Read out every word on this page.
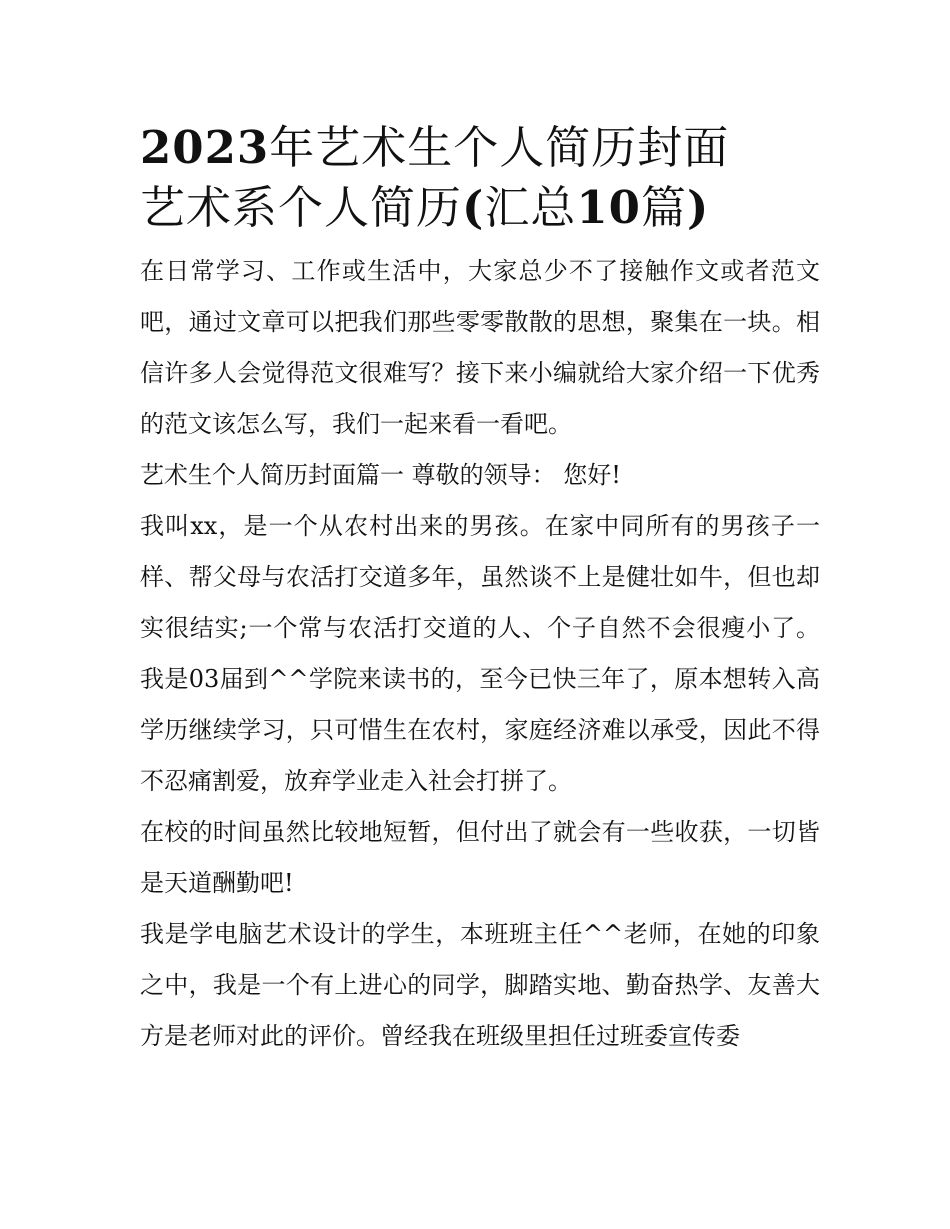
2023年艺术生个人简历封面
艺术系个人简历(汇总10篇)

在日常学习、工作或生活中，大家总少不了接触作文或者范文吧，通过文章可以把我们那些零零散散的思想，聚集在一块。相信许多人会觉得范文很难写？接下来小编就给大家介绍一下优秀的范文该怎么写，我们一起来看一看吧。

艺术生个人简历封面篇一 尊敬的领导： 您好!

我叫xx，是一个从农村出来的男孩。在家中同所有的男孩子一样、帮父母与农活打交道多年，虽然谈不上是健壮如牛，但也却实很结实;一个常与农活打交道的人、个子自然不会很瘦小了。我是03届到^^学院来读书的，至今已快三年了，原本想转入高学历继续学习，只可惜生在农村，家庭经济难以承受，因此不得不忍痛割爱，放弃学业走入社会打拼了。

在校的时间虽然比较地短暂，但付出了就会有一些收获，一切皆是天道酬勤吧!

我是学电脑艺术设计的学生，本班班主任^^老师，在她的印象之中，我是一个有上进心的同学，脚踏实地、勤奋热学、友善大方是老师对此的评价。曾经我在班级里担任过班委宣传委
